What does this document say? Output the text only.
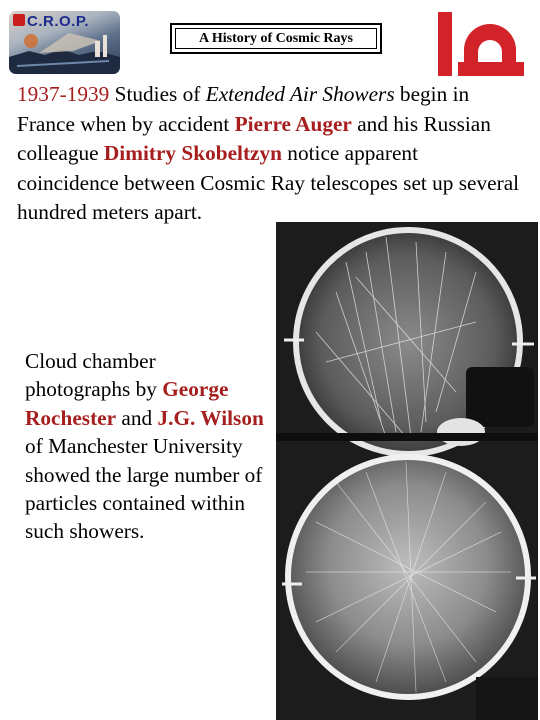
C.R.O.P.
A History of Cosmic Rays

1937-1939 Studies of Extended Air Showers begin in France when by accident Pierre Auger and his Russian colleague Dimitry Skobeltzyn notice apparent coincidence between Cosmic Ray telescopes set up several hundred meters apart.

Cloud chamber photographs by George Rochester and J.G. Wilson of Manchester University showed the large number of particles contained within such showers.
